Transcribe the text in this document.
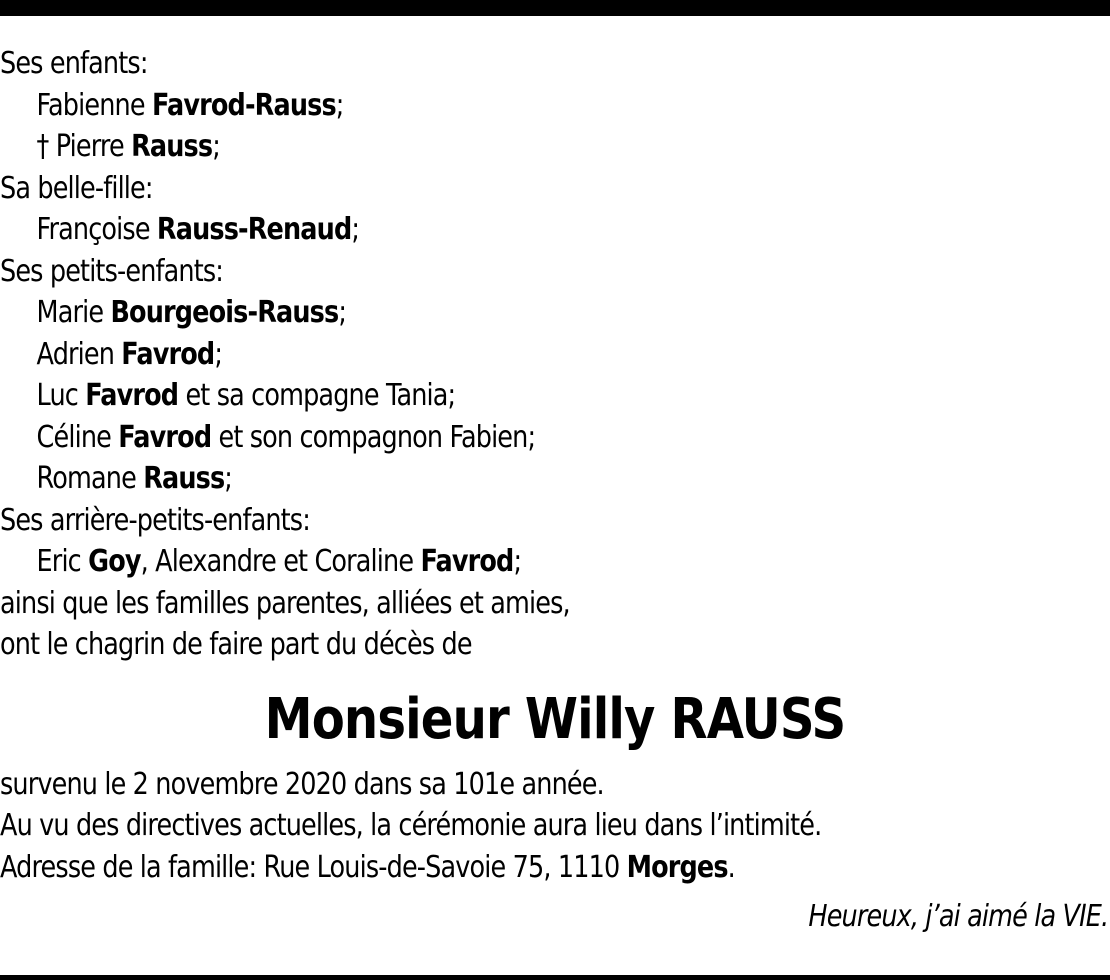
Ses enfants:
Fabienne Favrod-Rauss;
† Pierre Rauss;
Sa belle-fille:
Françoise Rauss-Renaud;
Ses petits-enfants:
Marie Bourgeois-Rauss;
Adrien Favrod;
Luc Favrod et sa compagne Tania;
Céline Favrod et son compagnon Fabien;
Romane Rauss;
Ses arrière-petits-enfants:
Eric Goy, Alexandre et Coraline Favrod;
ainsi que les familles parentes, alliées et amies,
ont le chagrin de faire part du décès de
Monsieur Willy RAUSS
survenu le 2 novembre 2020 dans sa 101e année.
Au vu des directives actuelles, la cérémonie aura lieu dans l’intimité.
Adresse de la famille: Rue Louis-de-Savoie 75, 1110 Morges.
Heureux, j’ai aimé la VIE.
